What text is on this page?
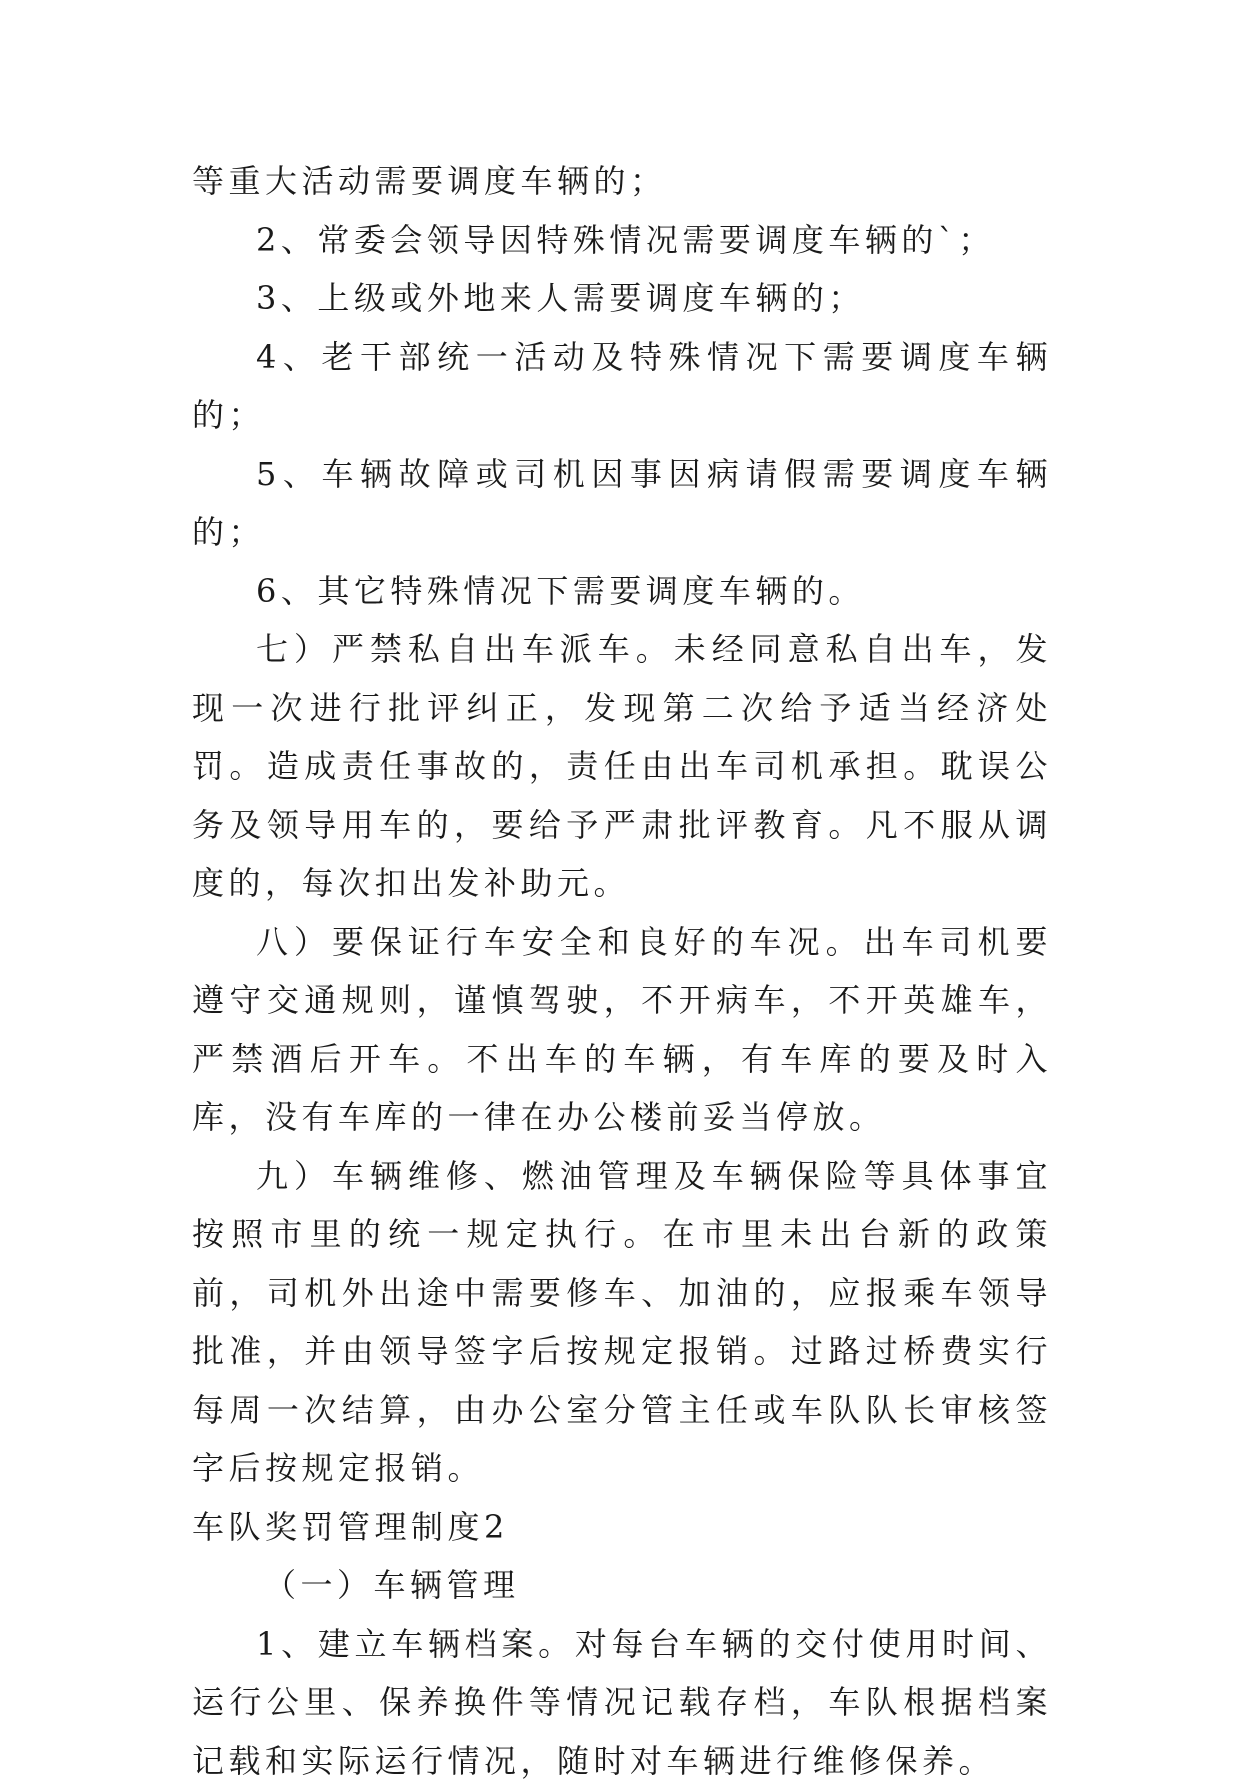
等重大活动需要调度车辆的；

2、常委会领导因特殊情况需要调度车辆的`；

3、上级或外地来人需要调度车辆的；

4、老干部统一活动及特殊情况下需要调度车辆的；

5、车辆故障或司机因事因病请假需要调度车辆的；

6、其它特殊情况下需要调度车辆的。

七）严禁私自出车派车。未经同意私自出车，发现一次进行批评纠正，发现第二次给予适当经济处罚。造成责任事故的，责任由出车司机承担。耽误公务及领导用车的，要给予严肃批评教育。凡不服从调度的，每次扣出发补助元。

八）要保证行车安全和良好的车况。出车司机要遵守交通规则，谨慎驾驶，不开病车，不开英雄车，严禁酒后开车。不出车的车辆，有车库的要及时入库，没有车库的一律在办公楼前妥当停放。

九）车辆维修、燃油管理及车辆保险等具体事宜按照市里的统一规定执行。在市里未出台新的政策前，司机外出途中需要修车、加油的，应报乘车领导批准，并由领导签字后按规定报销。过路过桥费实行每周一次结算，由办公室分管主任或车队队长审核签字后按规定报销。

车队奖罚管理制度2

（一）车辆管理

1、建立车辆档案。对每台车辆的交付使用时间、运行公里、保养换件等情况记载存档，车队根据档案记载和实际运行情况，随时对车辆进行维修保养。
